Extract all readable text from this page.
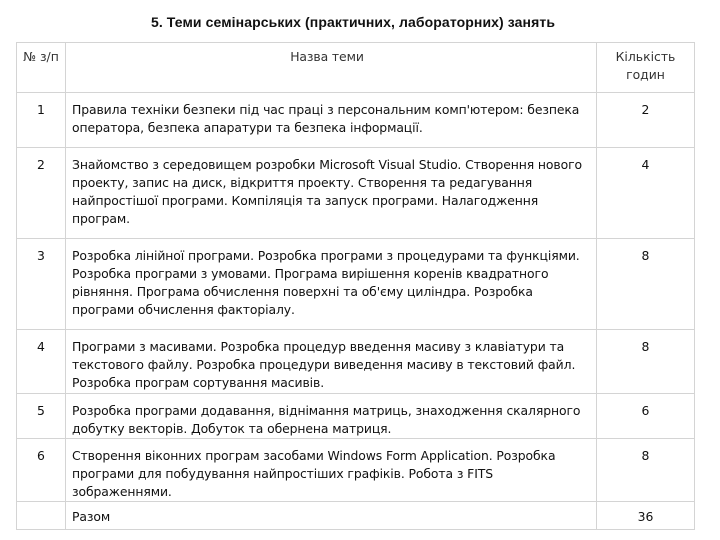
5. Теми семінарських (практичних, лабораторних) занять
№ з/п	Назва теми	Кількість годин
1	Правила техніки безпеки під час праці з персональним комп'ютером: безпека оператора, безпека апаратури та безпека інформації.	2
2	Знайомство з середовищем розробки Microsoft Visual Studio. Створення нового проекту, запис на диск, відкриття проекту. Створення та редагування найпростішої програми. Компіляція та запуск програми. Налагодження програм.	4
3	Розробка лінійної програми. Розробка програми з процедурами та функціями. Розробка програми з умовами. Програма вирішення коренів квадратного рівняння. Програма обчислення поверхні та об'єму циліндра. Розробка програми обчислення факторіалу.	8
4	Програми з масивами. Розробка процедур введення масиву з клавіатури та текстового файлу. Розробка процедури виведення масиву в текстовий файл. Розробка програм сортування масивів.	8
5	Розробка програми додавання, віднімання матриць, знаходження скалярного добутку векторів. Добуток та обернена матриця.	6
6	Створення віконних програм засобами Windows Form Application. Розробка програми для побудування найпростіших графіків. Робота з FITS зображеннями.	8
	Разом	36
